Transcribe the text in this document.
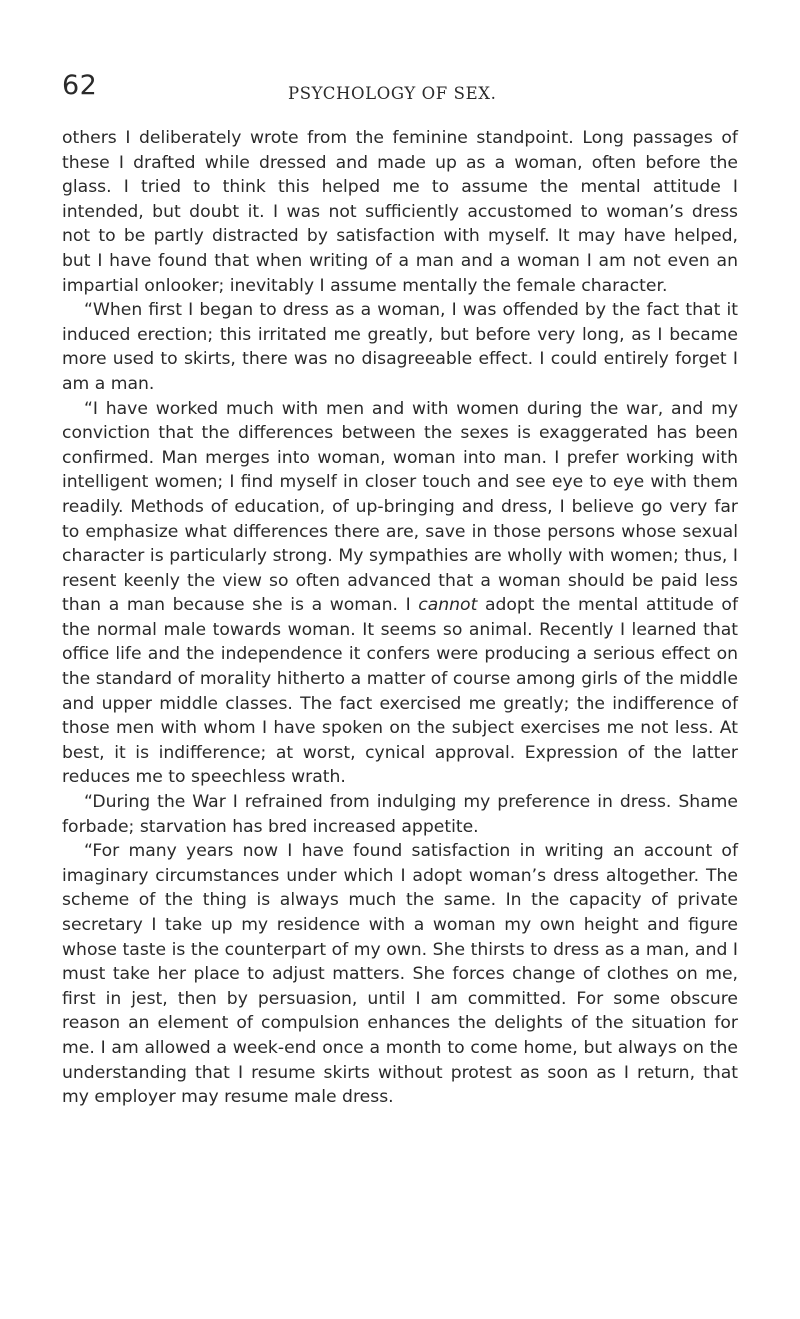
62	PSYCHOLOGY OF SEX.

others I deliberately wrote from the feminine standpoint. Long passages of these I drafted while dressed and made up as a woman, often before the glass. I tried to think this helped me to assume the mental attitude I intended, but doubt it. I was not sufficiently accustomed to woman’s dress not to be partly distracted by satisfaction with myself. It may have helped, but I have found that when writing of a man and a woman I am not even an impartial onlooker; inevitably I assume mentally the female character.

“When first I began to dress as a woman, I was offended by the fact that it induced erection; this irritated me greatly, but before very long, as I became more used to skirts, there was no disagreeable effect. I could entirely forget I am a man.

“I have worked much with men and with women during the war, and my conviction that the differences between the sexes is exaggerated has been confirmed. Man merges into woman, woman into man. I prefer working with intelligent women; I find myself in closer touch and see eye to eye with them readily. Methods of education, of up-bringing and dress, I believe go very far to emphasize what differences there are, save in those persons whose sexual character is particularly strong. My sympathies are wholly with women; thus, I resent keenly the view so often advanced that a woman should be paid less than a man because she is a woman. I cannot adopt the mental attitude of the normal male towards woman. It seems so animal. Recently I learned that office life and the independence it confers were producing a serious effect on the standard of morality hitherto a matter of course among girls of the middle and upper middle classes. The fact exercised me greatly; the indifference of those men with whom I have spoken on the subject exercises me not less. At best, it is indifference; at worst, cynical approval. Expression of the latter reduces me to speechless wrath.

“During the War I refrained from indulging my preference in dress. Shame forbade; starvation has bred increased appetite.

“For many years now I have found satisfaction in writing an account of imaginary circumstances under which I adopt woman’s dress altogether. The scheme of the thing is always much the same. In the capacity of private secretary I take up my residence with a woman my own height and figure whose taste is the counterpart of my own. She thirsts to dress as a man, and I must take her place to adjust matters. She forces change of clothes on me, first in jest, then by persuasion, until I am committed. For some obscure reason an element of compulsion enhances the delights of the situation for me. I am allowed a week-end once a month to come home, but always on the understanding that I resume skirts without protest as soon as I return, that my employer may resume male dress.
